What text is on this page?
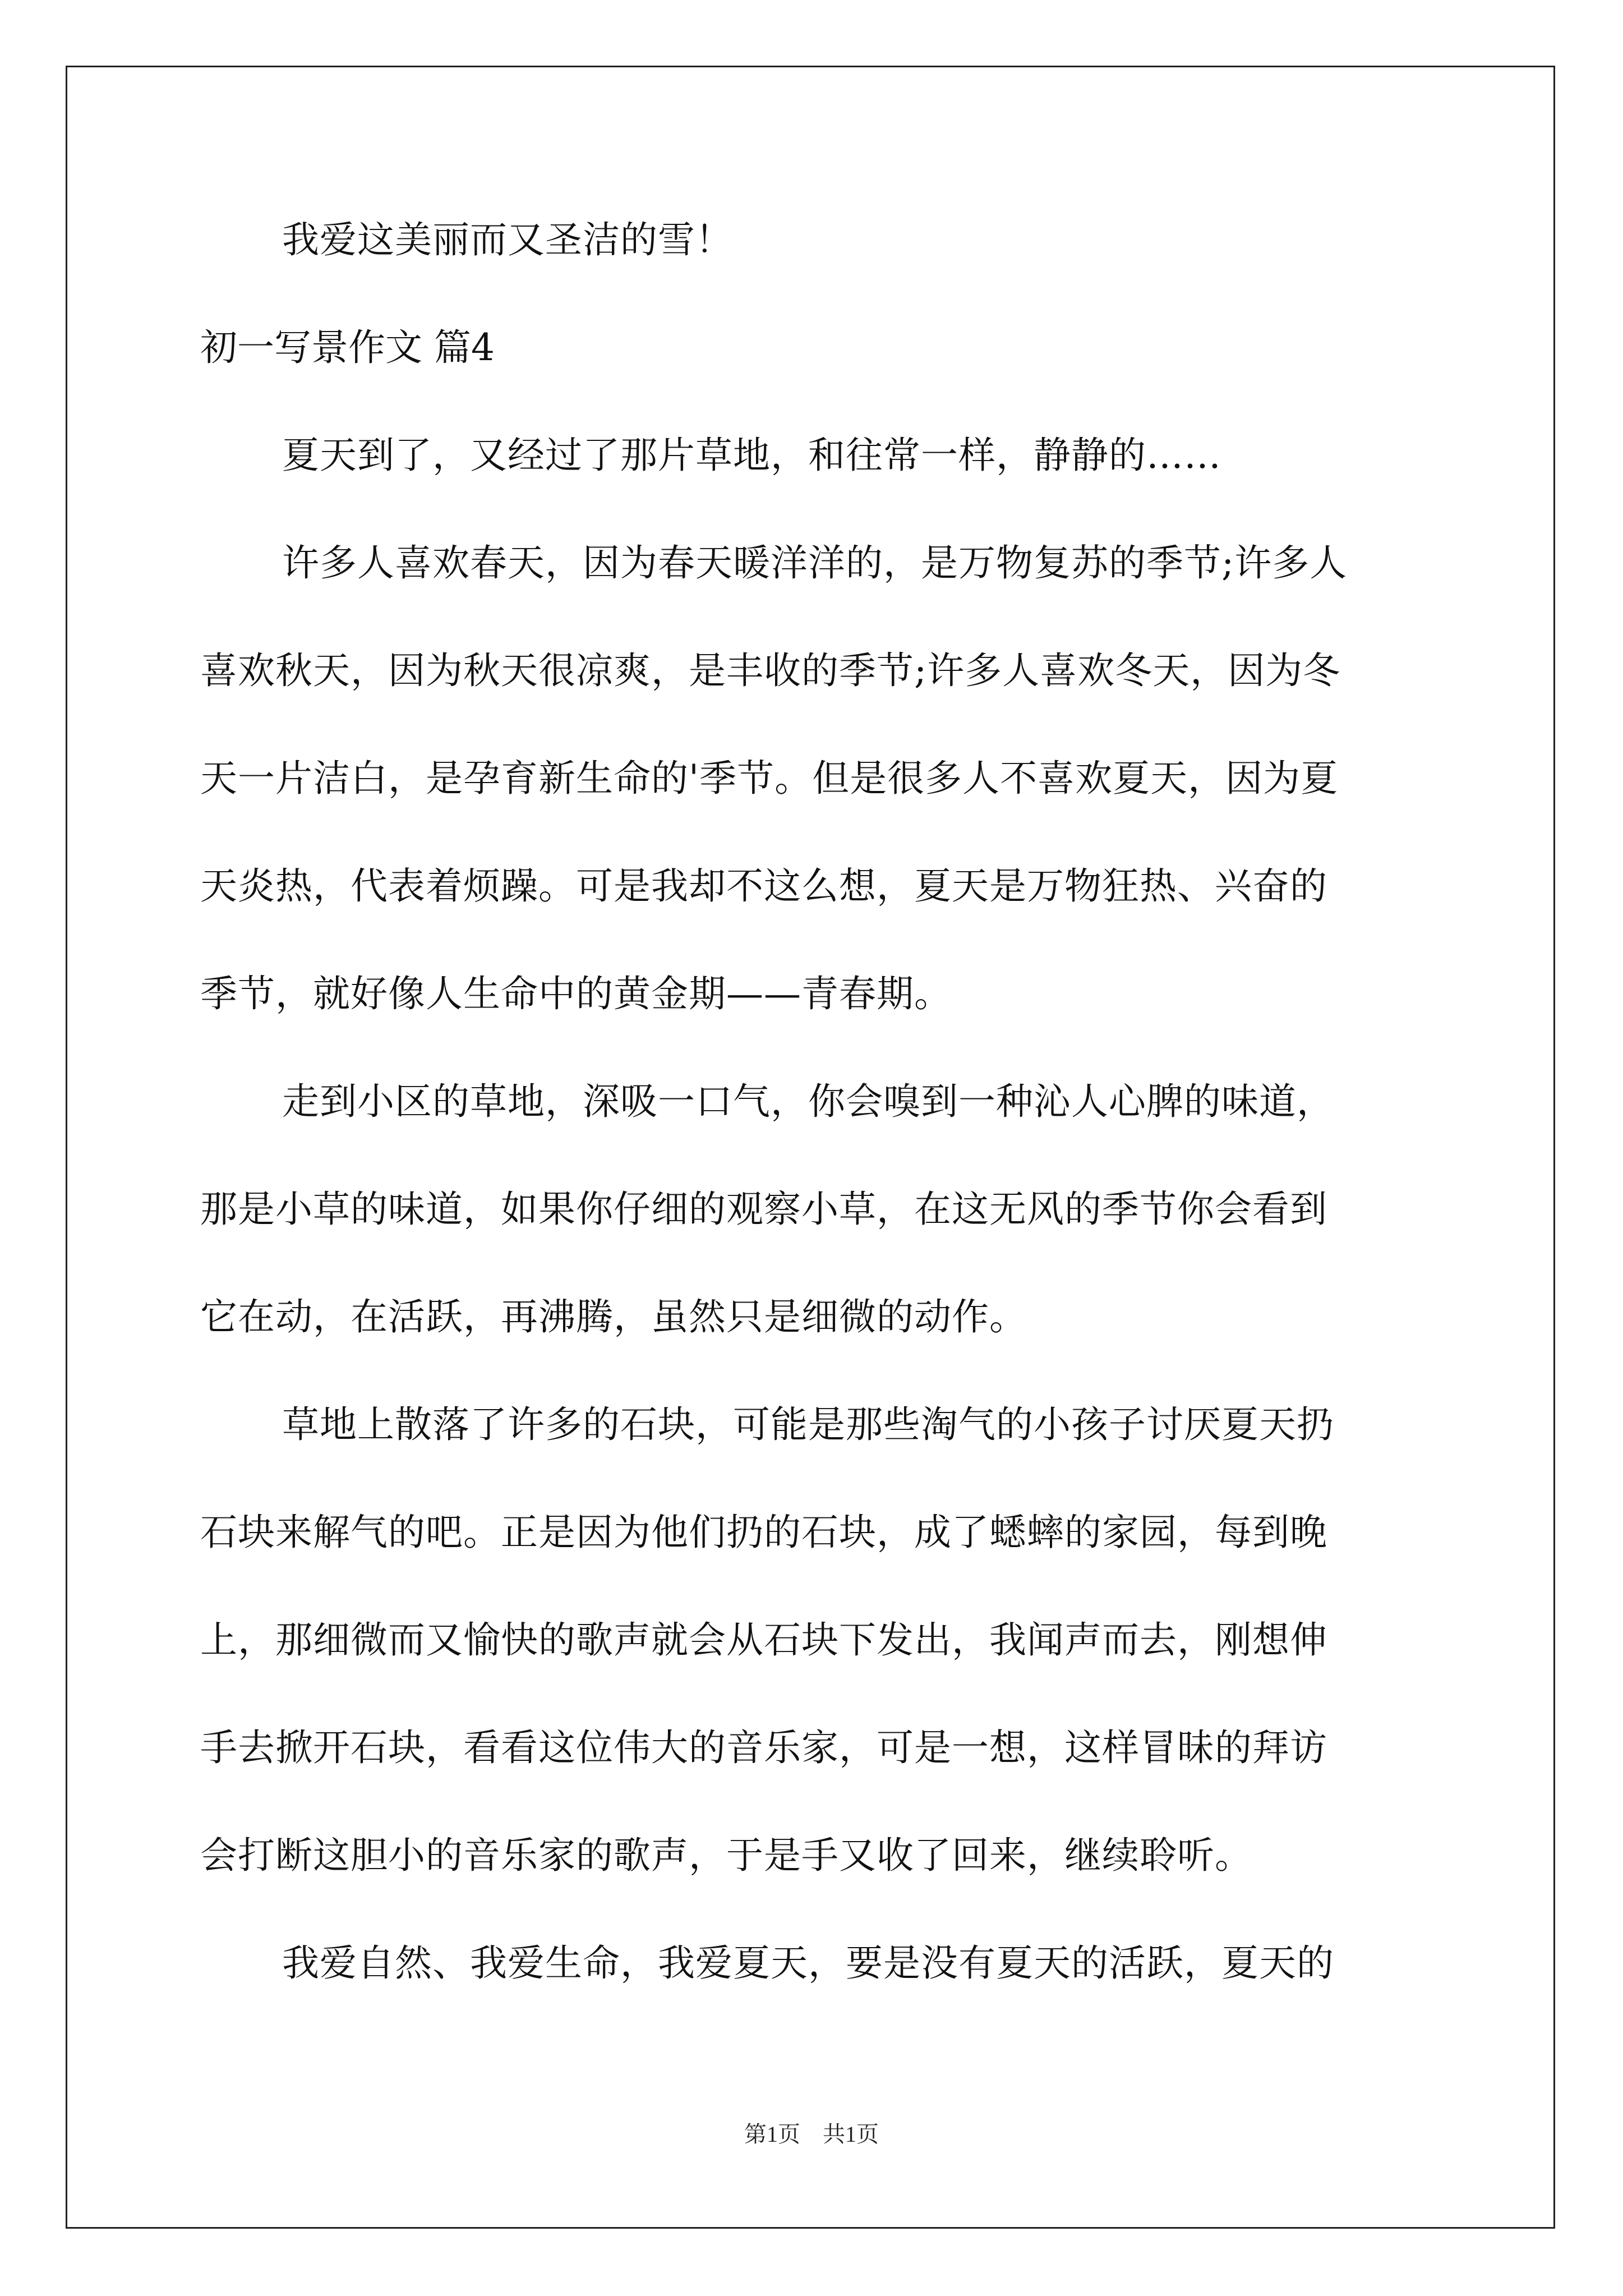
我爱这美丽而又圣洁的雪！
初一写景作文 篇4
夏天到了，又经过了那片草地，和往常一样，静静的……
许多人喜欢春天，因为春天暖洋洋的，是万物复苏的季节;许多人
喜欢秋天，因为秋天很凉爽，是丰收的季节;许多人喜欢冬天，因为冬
天一片洁白，是孕育新生命的'季节。但是很多人不喜欢夏天，因为夏
天炎热，代表着烦躁。可是我却不这么想，夏天是万物狂热、兴奋的
季节，就好像人生命中的黄金期——青春期。
走到小区的草地，深吸一口气，你会嗅到一种沁人心脾的味道，
那是小草的味道，如果你仔细的观察小草，在这无风的季节你会看到
它在动，在活跃，再沸腾，虽然只是细微的动作。
草地上散落了许多的石块，可能是那些淘气的小孩子讨厌夏天扔
石块来解气的吧。正是因为他们扔的石块，成了蟋蟀的家园，每到晚
上，那细微而又愉快的歌声就会从石块下发出，我闻声而去，刚想伸
手去掀开石块，看看这位伟大的音乐家，可是一想，这样冒昧的拜访
会打断这胆小的音乐家的歌声，于是手又收了回来，继续聆听。
我爱自然、我爱生命，我爱夏天，要是没有夏天的活跃，夏天的
第1页　共1页
